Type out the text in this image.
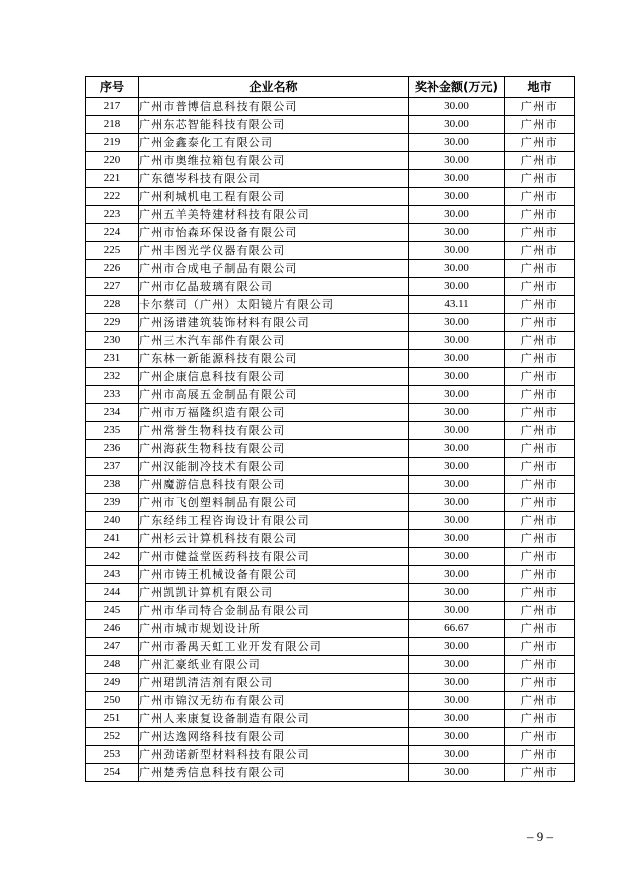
序号	企业名称	奖补金额(万元)	地市
217	广州市普博信息科技有限公司	30.00	广州市
218	广州东芯智能科技有限公司	30.00	广州市
219	广州金鑫泰化工有限公司	30.00	广州市
220	广州市奥维拉箱包有限公司	30.00	广州市
221	广东德岑科技有限公司	30.00	广州市
222	广州利城机电工程有限公司	30.00	广州市
223	广州五羊美特建材科技有限公司	30.00	广州市
224	广州市怡森环保设备有限公司	30.00	广州市
225	广州丰图光学仪器有限公司	30.00	广州市
226	广州市合成电子制品有限公司	30.00	广州市
227	广州市亿晶玻璃有限公司	30.00	广州市
228	卡尔蔡司（广州）太阳镜片有限公司	43.11	广州市
229	广州汤谱建筑装饰材料有限公司	30.00	广州市
230	广州三木汽车部件有限公司	30.00	广州市
231	广东林一新能源科技有限公司	30.00	广州市
232	广州企康信息科技有限公司	30.00	广州市
233	广州市高展五金制品有限公司	30.00	广州市
234	广州市万福隆织造有限公司	30.00	广州市
235	广州常誉生物科技有限公司	30.00	广州市
236	广州海荻生物科技有限公司	30.00	广州市
237	广州汉能制冷技术有限公司	30.00	广州市
238	广州魔游信息科技有限公司	30.00	广州市
239	广州市飞创塑料制品有限公司	30.00	广州市
240	广东经纬工程咨询设计有限公司	30.00	广州市
241	广州杉云计算机科技有限公司	30.00	广州市
242	广州市健益堂医药科技有限公司	30.00	广州市
243	广州市铸王机械设备有限公司	30.00	广州市
244	广州凯凯计算机有限公司	30.00	广州市
245	广州市华司特合金制品有限公司	30.00	广州市
246	广州市城市规划设计所	66.67	广州市
247	广州市番禺天虹工业开发有限公司	30.00	广州市
248	广州汇豪纸业有限公司	30.00	广州市
249	广州珺凯清洁剂有限公司	30.00	广州市
250	广州市锦汉无纺布有限公司	30.00	广州市
251	广州人来康复设备制造有限公司	30.00	广州市
252	广州达逸网络科技有限公司	30.00	广州市
253	广州劲诺新型材料科技有限公司	30.00	广州市
254	广州楚秀信息科技有限公司	30.00	广州市
– 9 –
